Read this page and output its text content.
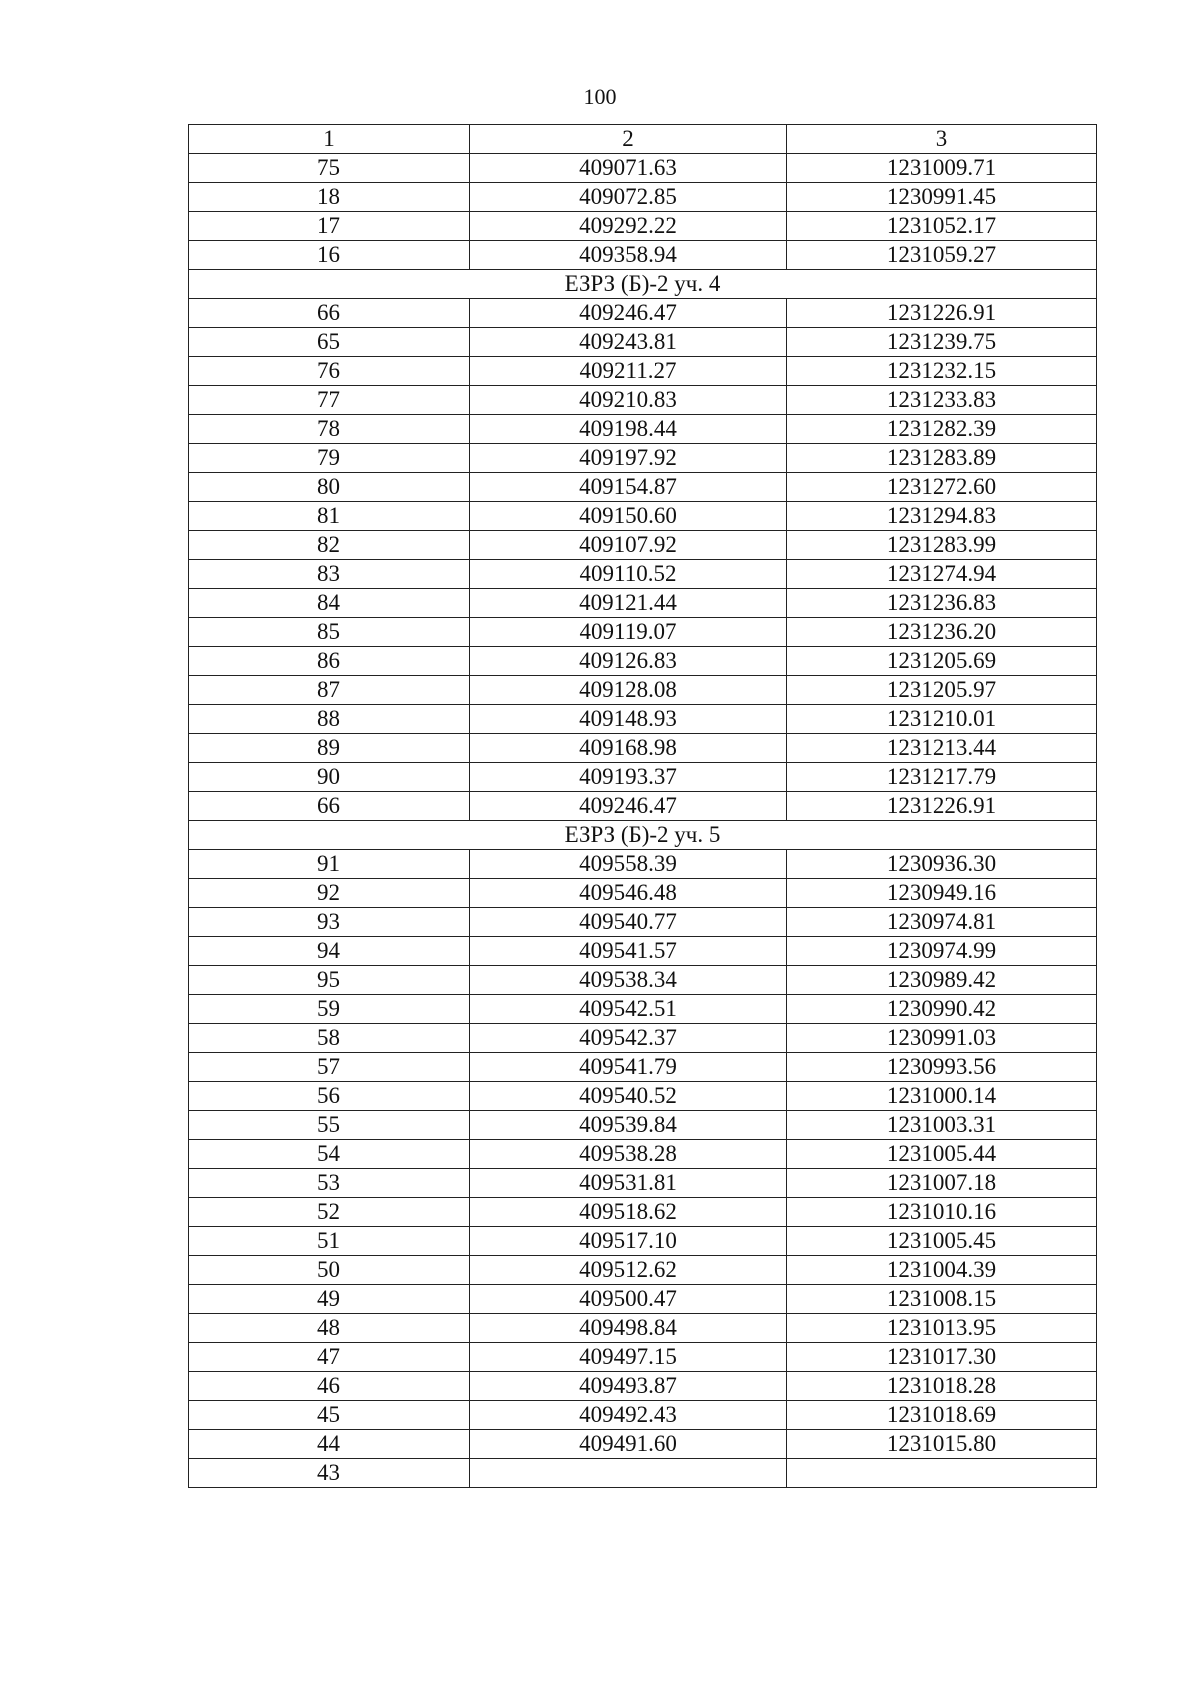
100
1	2	3
75	409071.63	1231009.71
18	409072.85	1230991.45
17	409292.22	1231052.17
16	409358.94	1231059.27
ЕЗРЗ (Б)-2 уч. 4		
66	409246.47	1231226.91
65	409243.81	1231239.75
76	409211.27	1231232.15
77	409210.83	1231233.83
78	409198.44	1231282.39
79	409197.92	1231283.89
80	409154.87	1231272.60
81	409150.60	1231294.83
82	409107.92	1231283.99
83	409110.52	1231274.94
84	409121.44	1231236.83
85	409119.07	1231236.20
86	409126.83	1231205.69
87	409128.08	1231205.97
88	409148.93	1231210.01
89	409168.98	1231213.44
90	409193.37	1231217.79
66	409246.47	1231226.91
ЕЗРЗ (Б)-2 уч. 5		
91	409558.39	1230936.30
92	409546.48	1230949.16
93	409540.77	1230974.81
94	409541.57	1230974.99
95	409538.34	1230989.42
59	409542.51	1230990.42
58	409542.37	1230991.03
57	409541.79	1230993.56
56	409540.52	1231000.14
55	409539.84	1231003.31
54	409538.28	1231005.44
53	409531.81	1231007.18
52	409518.62	1231010.16
51	409517.10	1231005.45
50	409512.62	1231004.39
49	409500.47	1231008.15
48	409498.84	1231013.95
47	409497.15	1231017.30
46	409493.87	1231018.28
45	409492.43	1231018.69
44	409491.60	1231015.80
43		
